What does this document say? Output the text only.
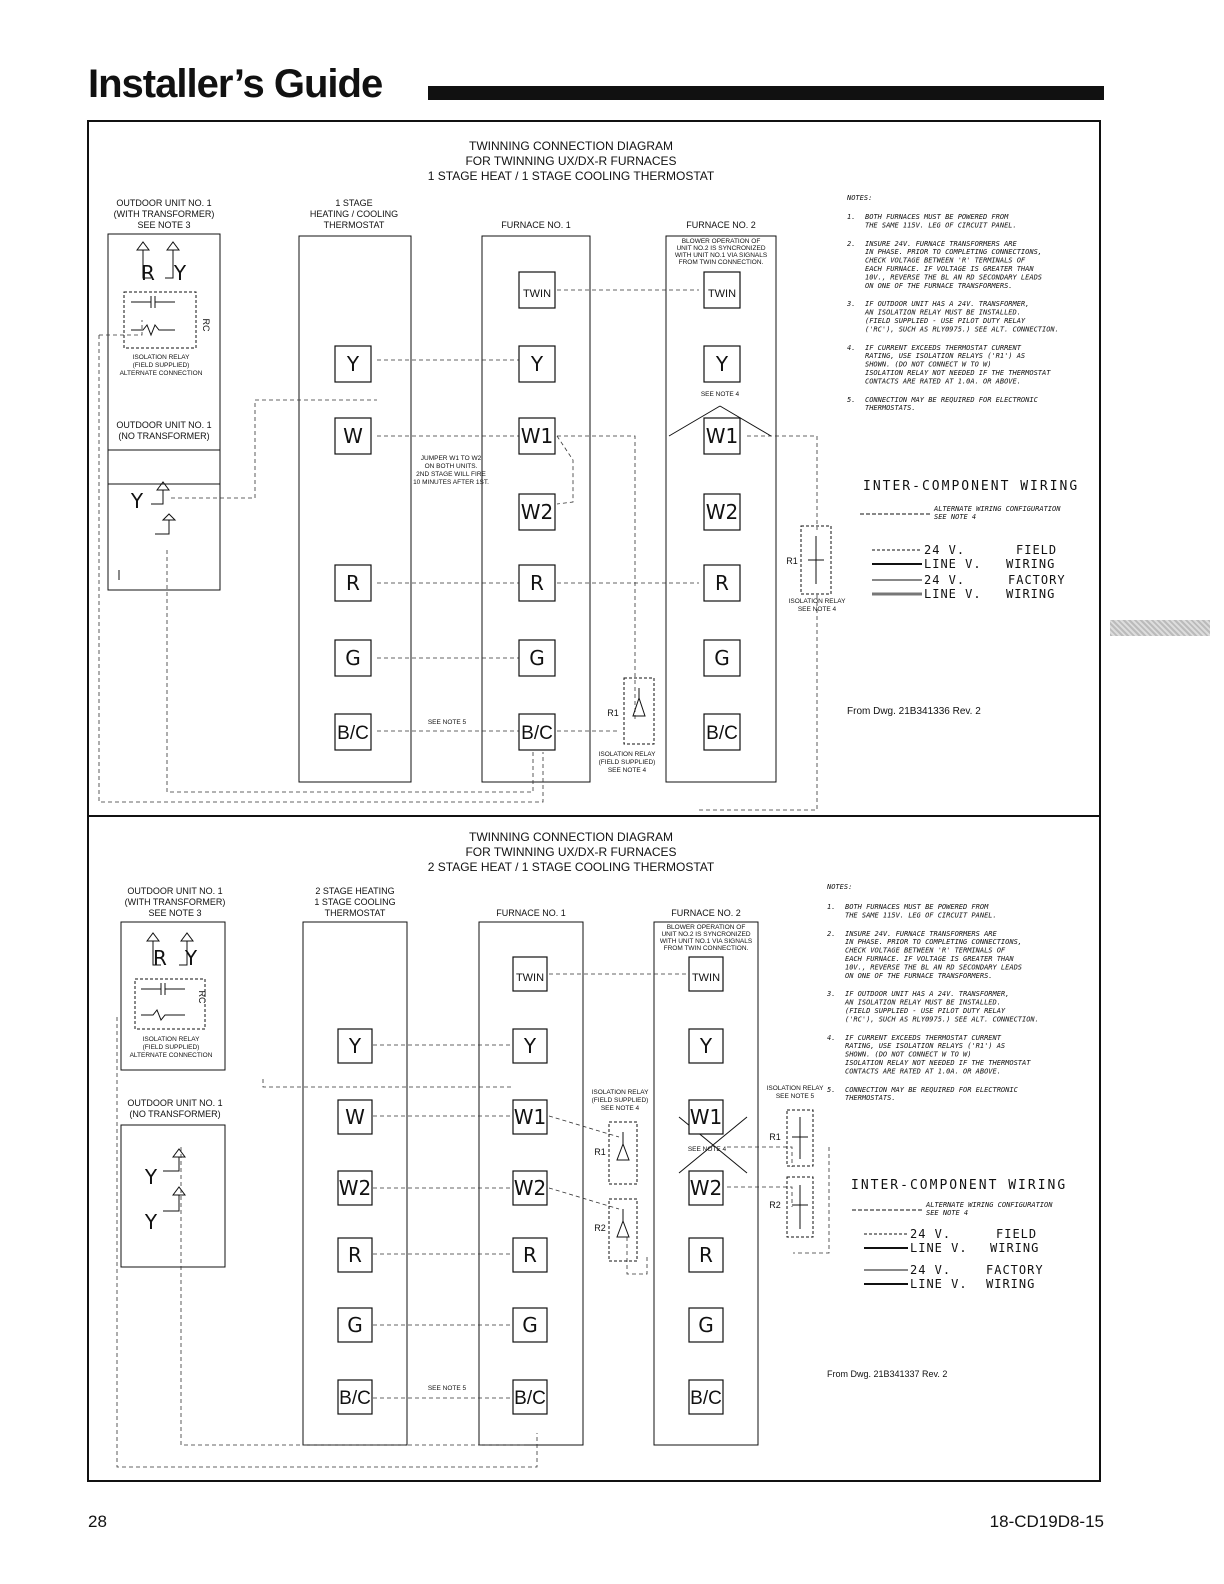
Installer’s Guide
28	18-CD19D8-15
TWINNING CONNECTION DIAGRAM
FOR TWINNING UX/DX-R FURNACES
1 STAGE HEAT / 1 STAGE COOLING THERMOSTAT
OUTDOOR UNIT NO. 1
(WITH TRANSFORMER)
SEE NOTE 3
OUTDOOR UNIT NO. 1
(NO TRANSFORMER)
1 STAGE
HEATING / COOLING
THERMOSTAT	FURNACE NO. 1	FURNACE NO. 2
BLOWER OPERATION OF
UNIT NO.2 IS SYNCRONIZED
WITH UNIT NO.1 VIA SIGNALS
FROM TWIN CONNECTION.
ISOLATION RELAY
(FIELD SUPPLIED)
ALTERNATE CONNECTION
JUMPER W1 TO W2
ON BOTH UNITS.
2ND STAGE WILL FIRE
10 MINUTES AFTER 1ST.
SEE NOTE 4
SEE NOTE 5
ISOLATION RELAY
SEE NOTE 4
ISOLATION RELAY
(FIELD SUPPLIED)
SEE NOTE 4
R1
R1	From Dwg. 21B341336 Rev. 2
TWIN	TWIN
Y	Y	Y
W	W1	W1
W2	W2
R	R	R
G	G	G
B/C	B/C	B/C
R Y
RC
Y
TWINNING CONNECTION DIAGRAM
FOR TWINNING UX/DX-R FURNACES
2 STAGE HEAT / 1 STAGE COOLING THERMOSTAT
OUTDOOR UNIT NO. 1
(WITH TRANSFORMER)
SEE NOTE 3
OUTDOOR UNIT NO. 1
(NO TRANSFORMER)
2 STAGE HEATING
1 STAGE COOLING
THERMOSTAT	FURNACE NO. 1	FURNACE NO. 2
BLOWER OPERATION OF
UNIT NO.2 IS SYNCRONIZED
WITH UNIT NO.1 VIA SIGNALS
FROM TWIN CONNECTION.
ISOLATION RELAY
(FIELD SUPPLIED)
ALTERNATE CONNECTION
ISOLATION RELAY
(FIELD SUPPLIED)
SEE NOTE 4
ISOLATION RELAY
SEE NOTE 5
SEE NOTE 4
SEE NOTE 5
R1
R2
R1
R2
From Dwg. 21B341337 Rev. 2
TWIN	TWIN
Y	Y	Y
W	W1	W1
W2	W2	W2
R	R	R
G	G	G
B/C	B/C	B/C
R Y
RC
Y
Y
NOTES:
1. BOTH FURNACES MUST BE POWERED FROM
THE SAME 115V. LEG OF CIRCUIT PANEL.
2. INSURE 24V. FURNACE TRANSFORMERS ARE
IN PHASE. PRIOR TO COMPLETING CONNECTIONS,
CHECK VOLTAGE BETWEEN 'R' TERMINALS OF
EACH FURNACE. IF VOLTAGE IS GREATER THAN
10V., REVERSE THE BL AN RD SECONDARY LEADS
ON ONE OF THE FURNACE TRANSFORMERS.
3. IF OUTDOOR UNIT HAS A 24V. TRANSFORMER,
AN ISOLATION RELAY MUST BE INSTALLED.
(FIELD SUPPLIED - USE PILOT DUTY RELAY
('RC'), SUCH AS RLY0975.) SEE ALT. CONNECTION.
4. IF CURRENT EXCEEDS THERMOSTAT CURRENT
RATING, USE ISOLATION RELAYS ('R1') AS
SHOWN. (DO NOT CONNECT W TO W)
ISOLATION RELAY NOT NEEDED IF THE THERMOSTAT
CONTACTS ARE RATED AT 1.0A. OR ABOVE.
5. CONNECTION MAY BE REQUIRED FOR ELECTRONIC
THERMOSTATS.
INTER-COMPONENT WIRING
ALTERNATE WIRING CONFIGURATION
SEE NOTE 4
24 V.
LINE V.
FIELD
WIRING
24 V.
LINE V.
FACTORY
WIRING
NOTES:
1. BOTH FURNACES MUST BE POWERED FROM
THE SAME 115V. LEG OF CIRCUIT PANEL.
2. INSURE 24V. FURNACE TRANSFORMERS ARE
IN PHASE. PRIOR TO COMPLETING CONNECTIONS,
CHECK VOLTAGE BETWEEN 'R' TERMINALS OF
EACH FURNACE. IF VOLTAGE IS GREATER THAN
10V., REVERSE THE BL AN RD SECONDARY LEADS
ON ONE OF THE FURNACE TRANSFORMERS.
3. IF OUTDOOR UNIT HAS A 24V. TRANSFORMER,
AN ISOLATION RELAY MUST BE INSTALLED.
(FIELD SUPPLIED - USE PILOT DUTY RELAY
('RC'), SUCH AS RLY0975.) SEE ALT. CONNECTION.
4. IF CURRENT EXCEEDS THERMOSTAT CURRENT
RATING, USE ISOLATION RELAYS ('R1') AS
SHOWN. (DO NOT CONNECT W TO W)
ISOLATION RELAY NOT NEEDED IF THE THERMOSTAT
CONTACTS ARE RATED AT 1.0A. OR ABOVE.
5. CONNECTION MAY BE REQUIRED FOR ELECTRONIC
THERMOSTATS.
INTER-COMPONENT WIRING
ALTERNATE WIRING CONFIGURATION
SEE NOTE 4
24 V.
LINE V.
FIELD
WIRING
24 V.
LINE V.
FACTORY
WIRING
